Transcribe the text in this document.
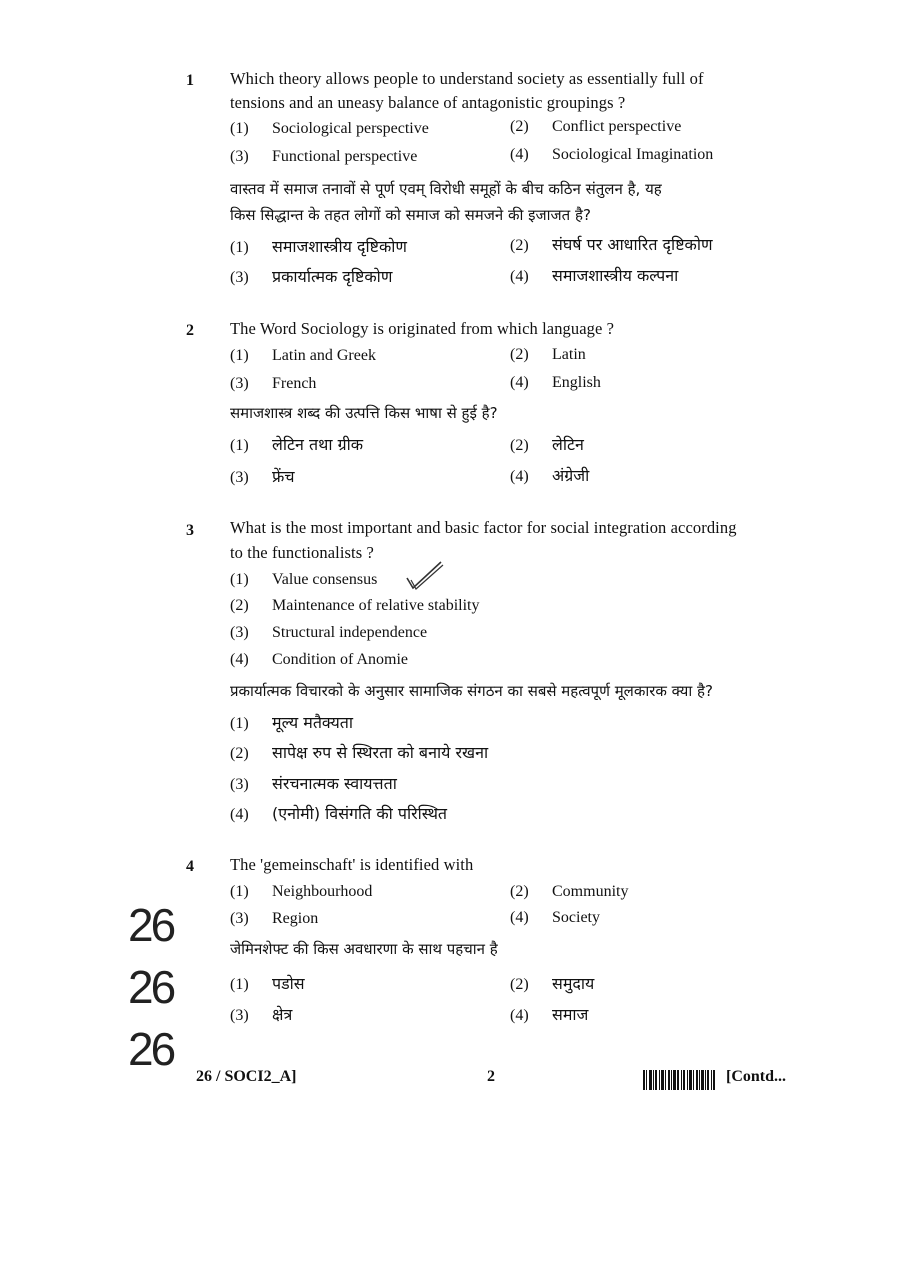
1 Which theory allows people to understand society as essentially full of
tensions and an uneasy balance of antagonistic groupings ?
(1) Sociological perspective	(2) Conflict perspective
(3) Functional perspective	(4) Sociological Imagination
वास्तव में समाज तनावों से पूर्ण एवम् विरोधी समूहों के बीच कठिन संतुलन है, यह
किस सिद्धान्त के तहत लोगों को समाज को समजने की इजाजत है?
(1) समाजशास्त्रीय दृष्टिकोण	(2) संघर्ष पर आधारित दृष्टिकोण
(3) प्रकार्यात्मक दृष्टिकोण	(4) समाजशास्त्रीय कल्पना
2 The Word Sociology is originated from which language ?
(1) Latin and Greek	(2) Latin
(3) French	(4) English
समाजशास्त्र शब्द की उत्पत्ति किस भाषा से हुई है?
(1) लेटिन तथा ग्रीक	(2) लेटिन
(3) फ्रेंच	(4) अंग्रेजी
3 What is the most important and basic factor for social integration according
to the functionalists ?
(1) Value consensus
(2) Maintenance of relative stability
(3) Structural independence
(4) Condition of Anomie
प्रकार्यात्मक विचारको के अनुसार सामाजिक संगठन का सबसे महत्वपूर्ण मूलकारक क्या है?
(1) मूल्य मतैक्यता
(2) सापेक्ष रुप से स्थिरता को बनाये रखना
(3) संरचनात्मक स्वायत्तता
(4) (एनोमी) विसंगति की परिस्थित
4 The 'gemeinschaft' is identified with
(1) Neighbourhood	(2) Community
(3) Region	(4) Society
जेमिनशेफ्ट की किस अवधारणा के साथ पहचान है
(1) पडोस	(2) समुदाय
(3) क्षेत्र	(4) समाज
26
26
26
26 / SOCI2_A]	2	[Contd...
